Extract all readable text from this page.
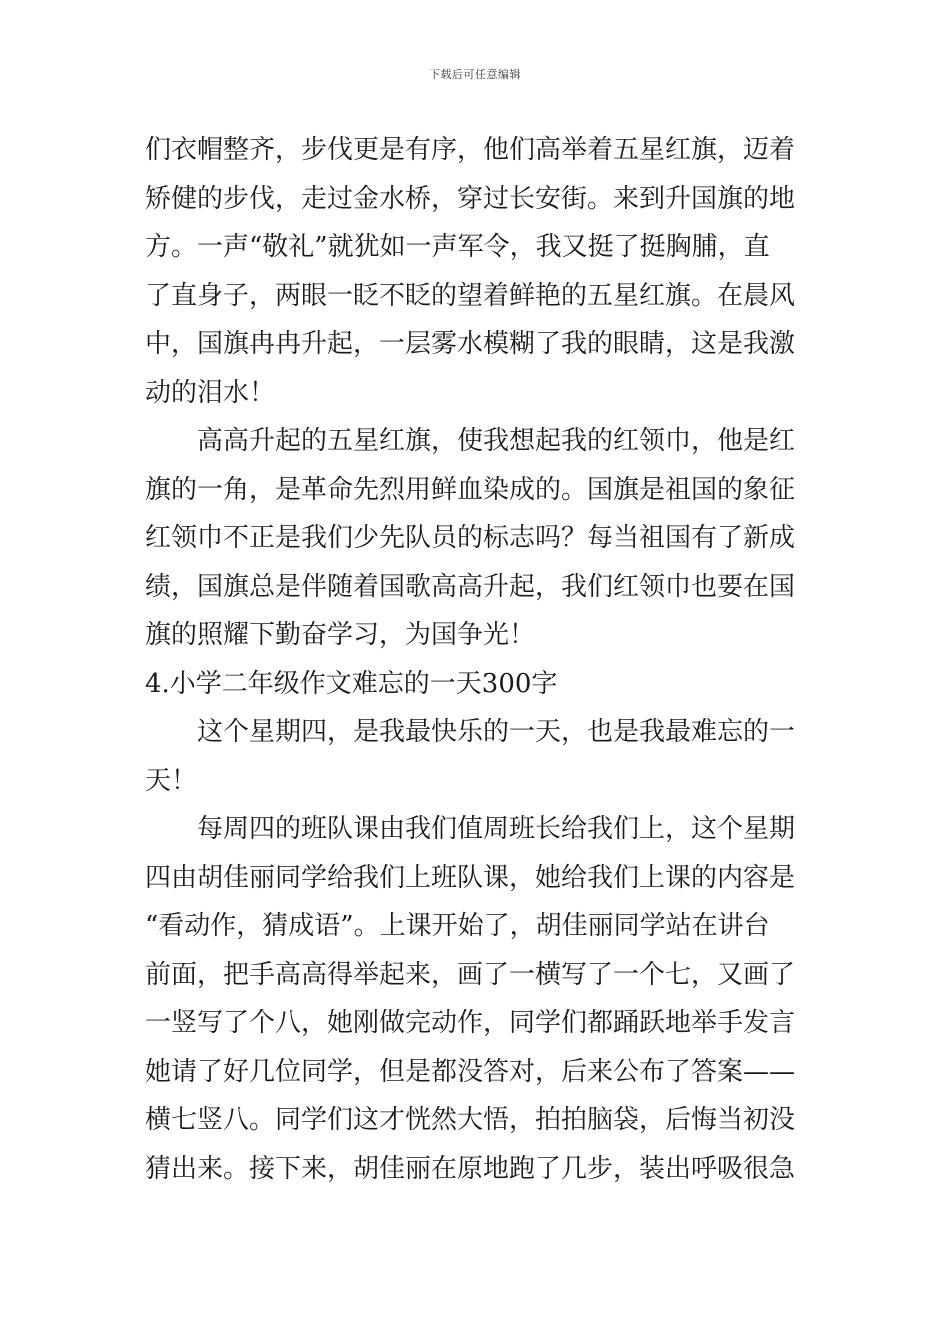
下载后可任意编辑
们衣帽整齐，步伐更是有序，他们高举着五星红旗，迈着
矫健的步伐，走过金水桥，穿过长安街。来到升国旗的地
方。一声“敬礼”就犹如一声军令，我又挺了挺胸脯，直
了直身子，两眼一眨不眨的望着鲜艳的五星红旗。在晨风
中，国旗冉冉升起，一层雾水模糊了我的眼睛，这是我激
动的泪水！
高高升起的五星红旗，使我想起我的红领巾，他是红
旗的一角，是革命先烈用鲜血染成的。国旗是祖国的象征
红领巾不正是我们少先队员的标志吗？每当祖国有了新成
绩，国旗总是伴随着国歌高高升起，我们红领巾也要在国
旗的照耀下勤奋学习，为国争光！
4.小学二年级作文难忘的一天300字
这个星期四，是我最快乐的一天，也是我最难忘的一
天！
每周四的班队课由我们值周班长给我们上，这个星期
四由胡佳丽同学给我们上班队课，她给我们上课的内容是
“看动作，猜成语”。上课开始了，胡佳丽同学站在讲台
前面，把手高高得举起来，画了一横写了一个七，又画了
一竖写了个八，她刚做完动作，同学们都踊跃地举手发言
她请了好几位同学，但是都没答对，后来公布了答案——
横七竖八。同学们这才恍然大悟，拍拍脑袋，后悔当初没
猜出来。接下来，胡佳丽在原地跑了几步，装出呼吸很急
